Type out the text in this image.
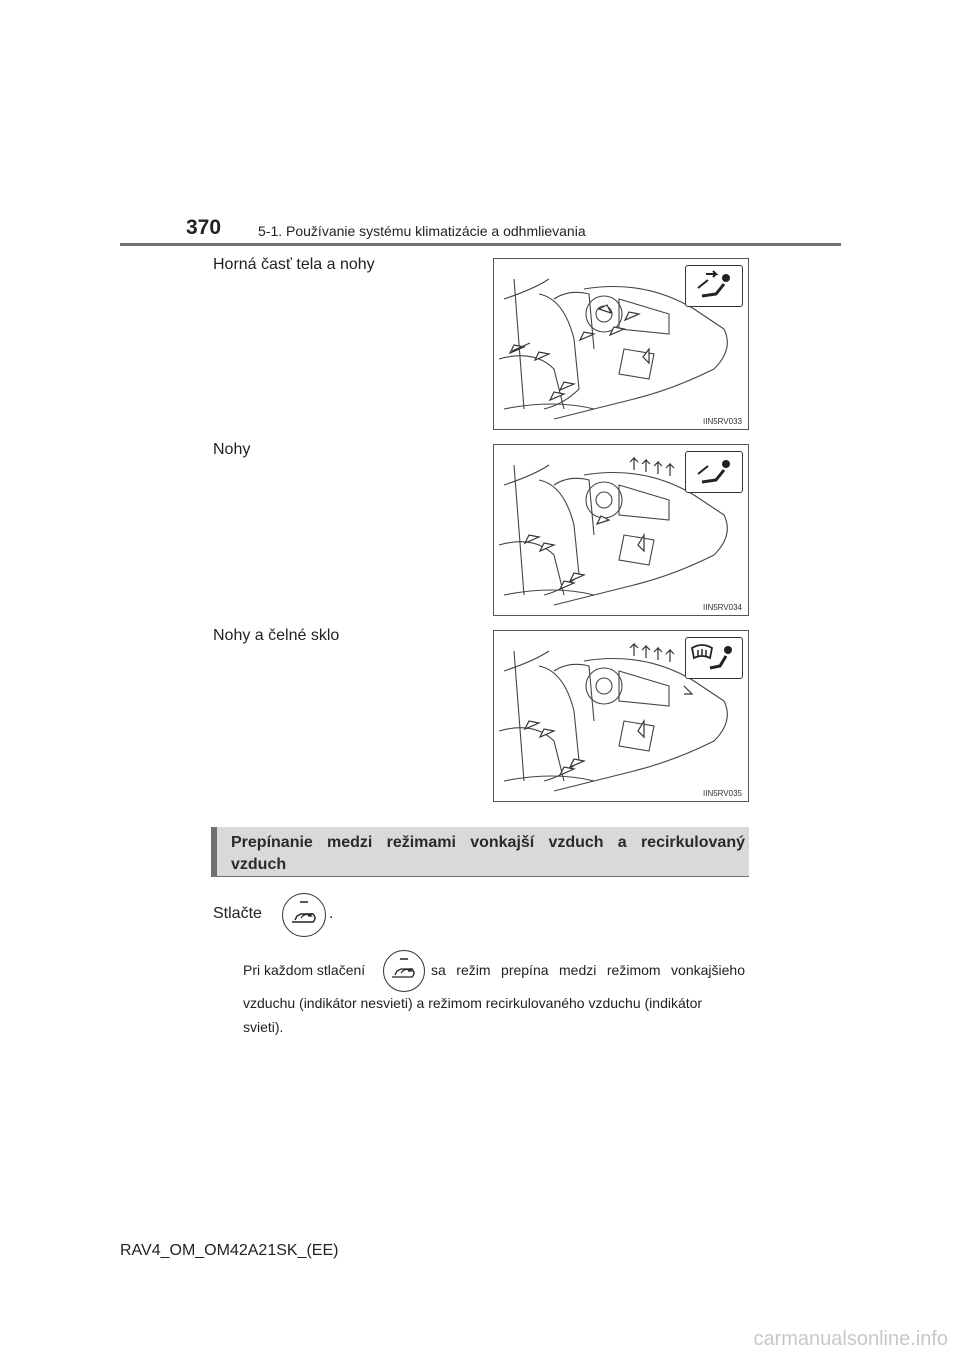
370	5-1. Používanie systému klimatizácie a odhmlievania
Horná časť tela a nohy
IIN5RV033
Nohy
IIN5RV034
Nohy a čelné sklo
IIN5RV035
Prepínanie medzi režimami vonkajší vzduch a recirkulovaný vzduch
Stlačte	.
Pri každom stlačení	sa režim prepína medzi režimom vonkajšieho
vzduchu (indikátor nesvieti) a režimom recirkulovaného vzduchu (indikátor svieti).
RAV4_OM_OM42A21SK_(EE)
carmanualsonline.info
